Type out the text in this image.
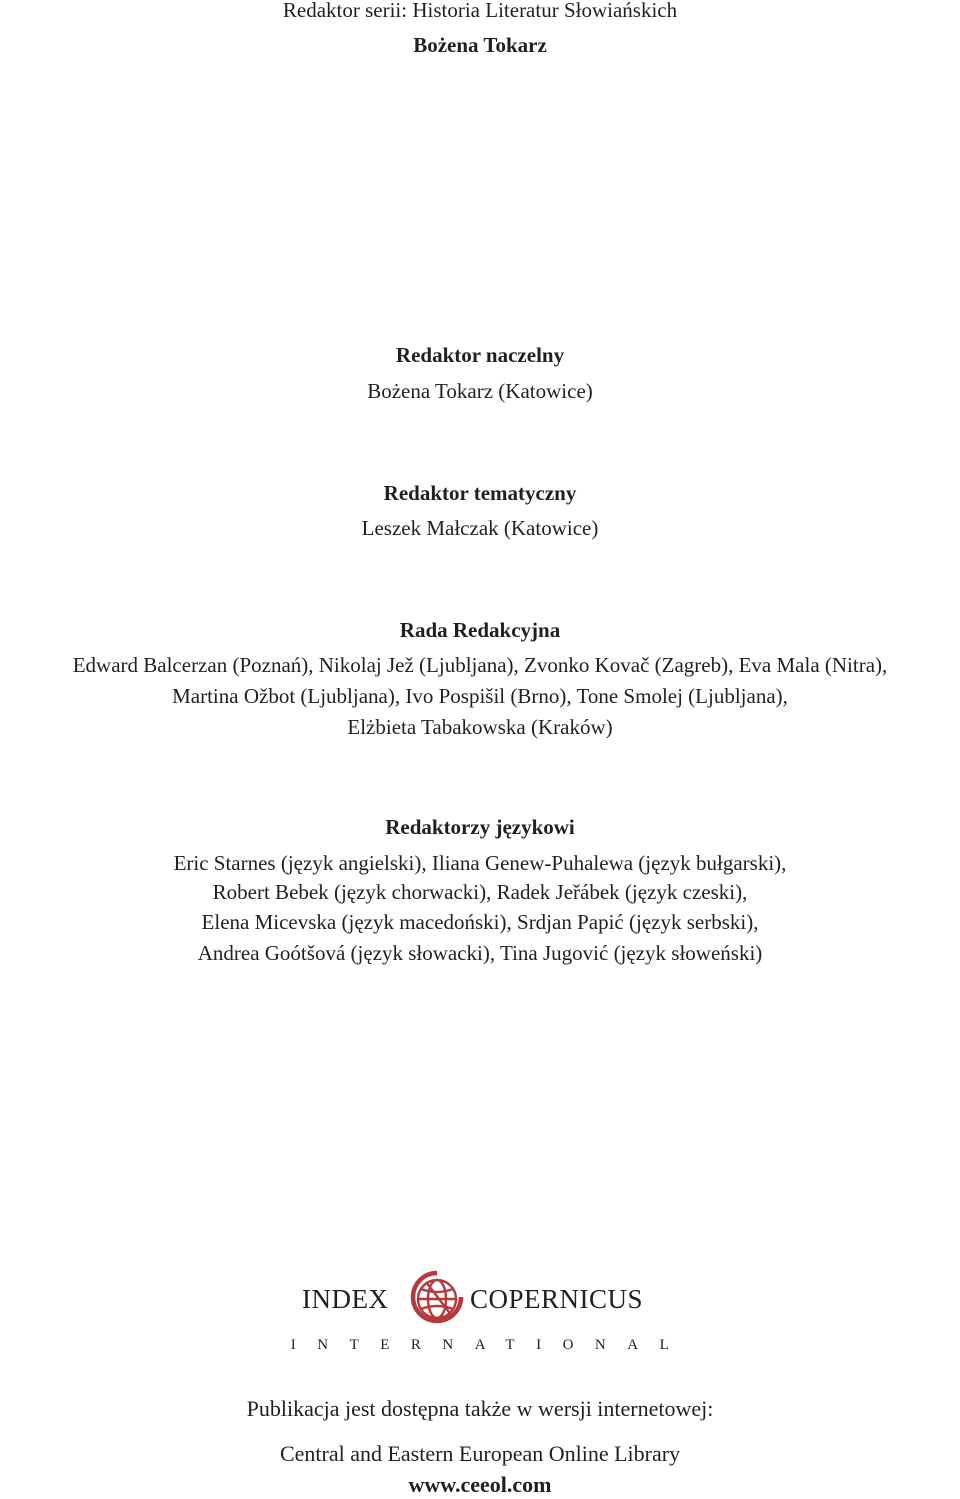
Redaktor serii: Historia Literatur Słowiańskich
Bożena Tokarz
Redaktor naczelny
Bożena Tokarz (Katowice)
Redaktor tematyczny
Leszek Małczak (Katowice)
Rada Redakcyjna
Edward Balcerzan (Poznań), Nikolaj Jež (Ljubljana), Zvonko Kovač (Zagreb), Eva Mala (Nitra),
Martina Ožbot (Ljubljana), Ivo Pospišil (Brno), Tone Smolej (Ljubljana),
Elżbieta Tabakowska (Kraków)
Redaktorzy językowi
Eric Starnes (język angielski), Iliana Genew-Puhalewa (język bułgarski),
Robert Bebek (język chorwacki), Radek Jeřábek (język czeski),
Elena Micevska (język macedoński), Srdjan Papić (język serbski),
Andrea Goótšová (język słowacki), Tina Jugović (język słoweński)
INDEX	COPERNICUS
INTERNATIONAL
Publikacja jest dostępna także w wersji internetowej:
Central and Eastern European Online Library
www.ceeol.com
